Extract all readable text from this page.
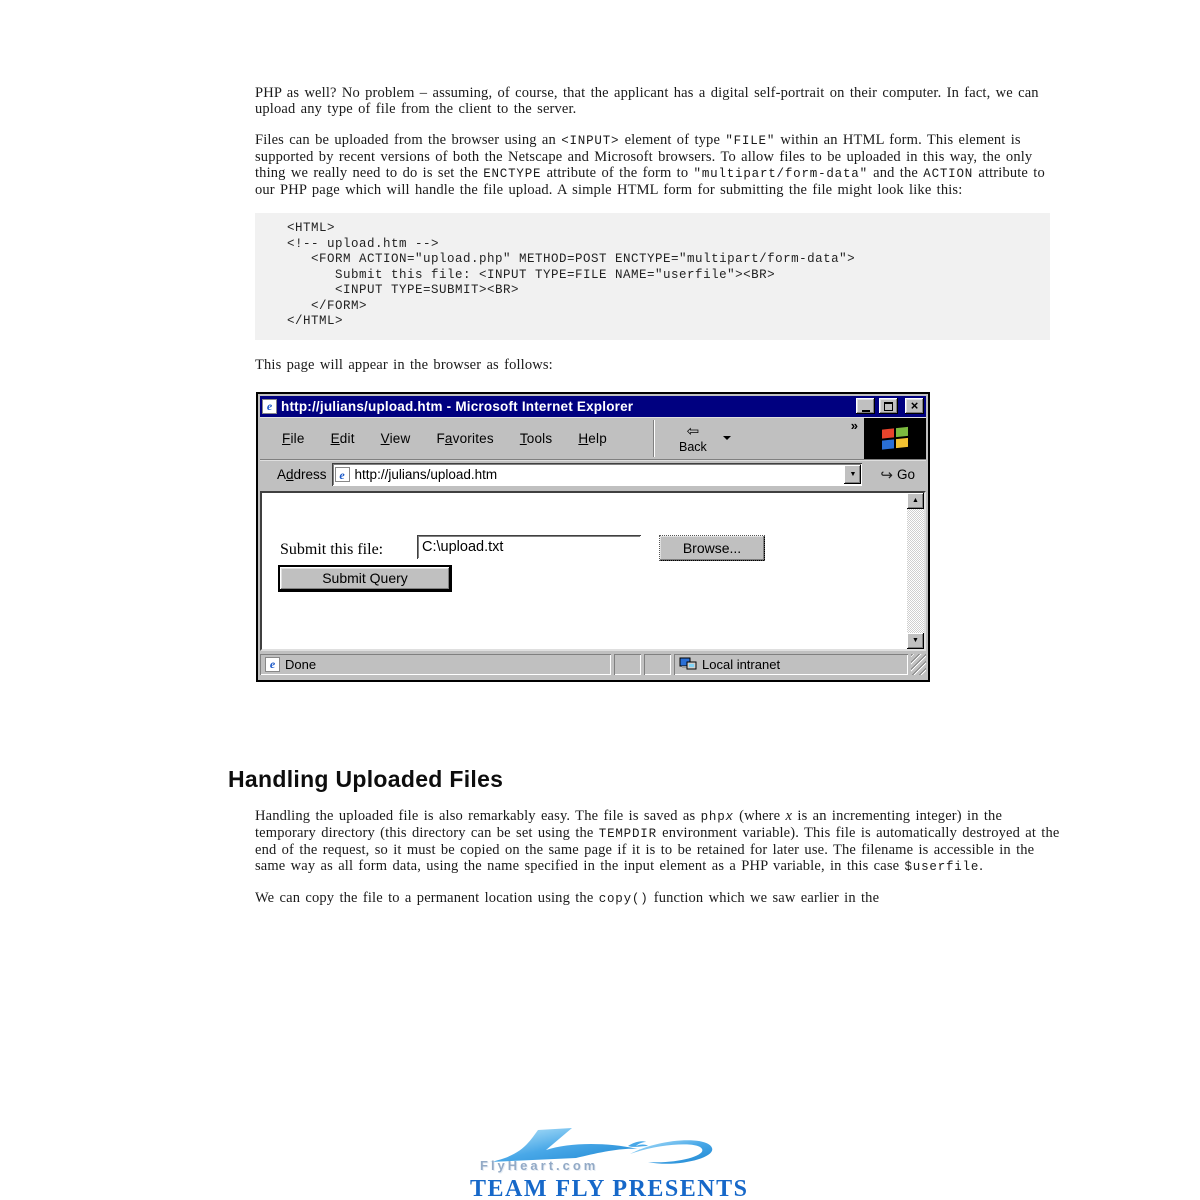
PHP as well? No problem – assuming, of course, that the applicant has a digital self-portrait on their computer. In fact, we can upload any type of file from the client to the server.

Files can be uploaded from the browser using an <INPUT> element of type "FILE" within an HTML form. This element is supported by recent versions of both the Netscape and Microsoft browsers. To allow files to be uploaded in this way, the only thing we really need to do is set the ENCTYPE attribute of the form to "multipart/form-data" and the ACTION attribute to our PHP page which will handle the file upload. A simple HTML form for submitting the file might look like this:

<HTML>
<!-- upload.htm -->
<FORM ACTION="upload.php" METHOD=POST ENCTYPE="multipart/form-data">
Submit this file: <INPUT TYPE=FILE NAME="userfile"><BR>
<INPUT TYPE=SUBMIT><BR>
</FORM>
</HTML>

This page will appear in the browser as follows:

e http://julians/upload.htm - Microsoft Internet Explorer	×
File	Edit	View	Favorites	Tools	Help	⇦
Back
»
Address	e http://julians/upload.htm	▼	↪ Go
Submit this file:
C:\upload.txt	Browse...
Submit Query
▲
▼
e Done	Local intranet
Handling Uploaded Files

Handling the uploaded file is also remarkably easy. The file is saved as phpx (where x is an incrementing integer) in the temporary directory (this directory can be set using the TEMPDIR environment variable). This file is automatically destroyed at the end of the request, so it must be copied on the same page if it is to be retained for later use. The filename is accessible in the same way as all form data, using the name specified in the input element as a PHP variable, in this case $userfile.

We can copy the file to a permanent location using the copy() function which we saw earlier in the

FlyHeart.com
TEAM FLY PRESENTS
